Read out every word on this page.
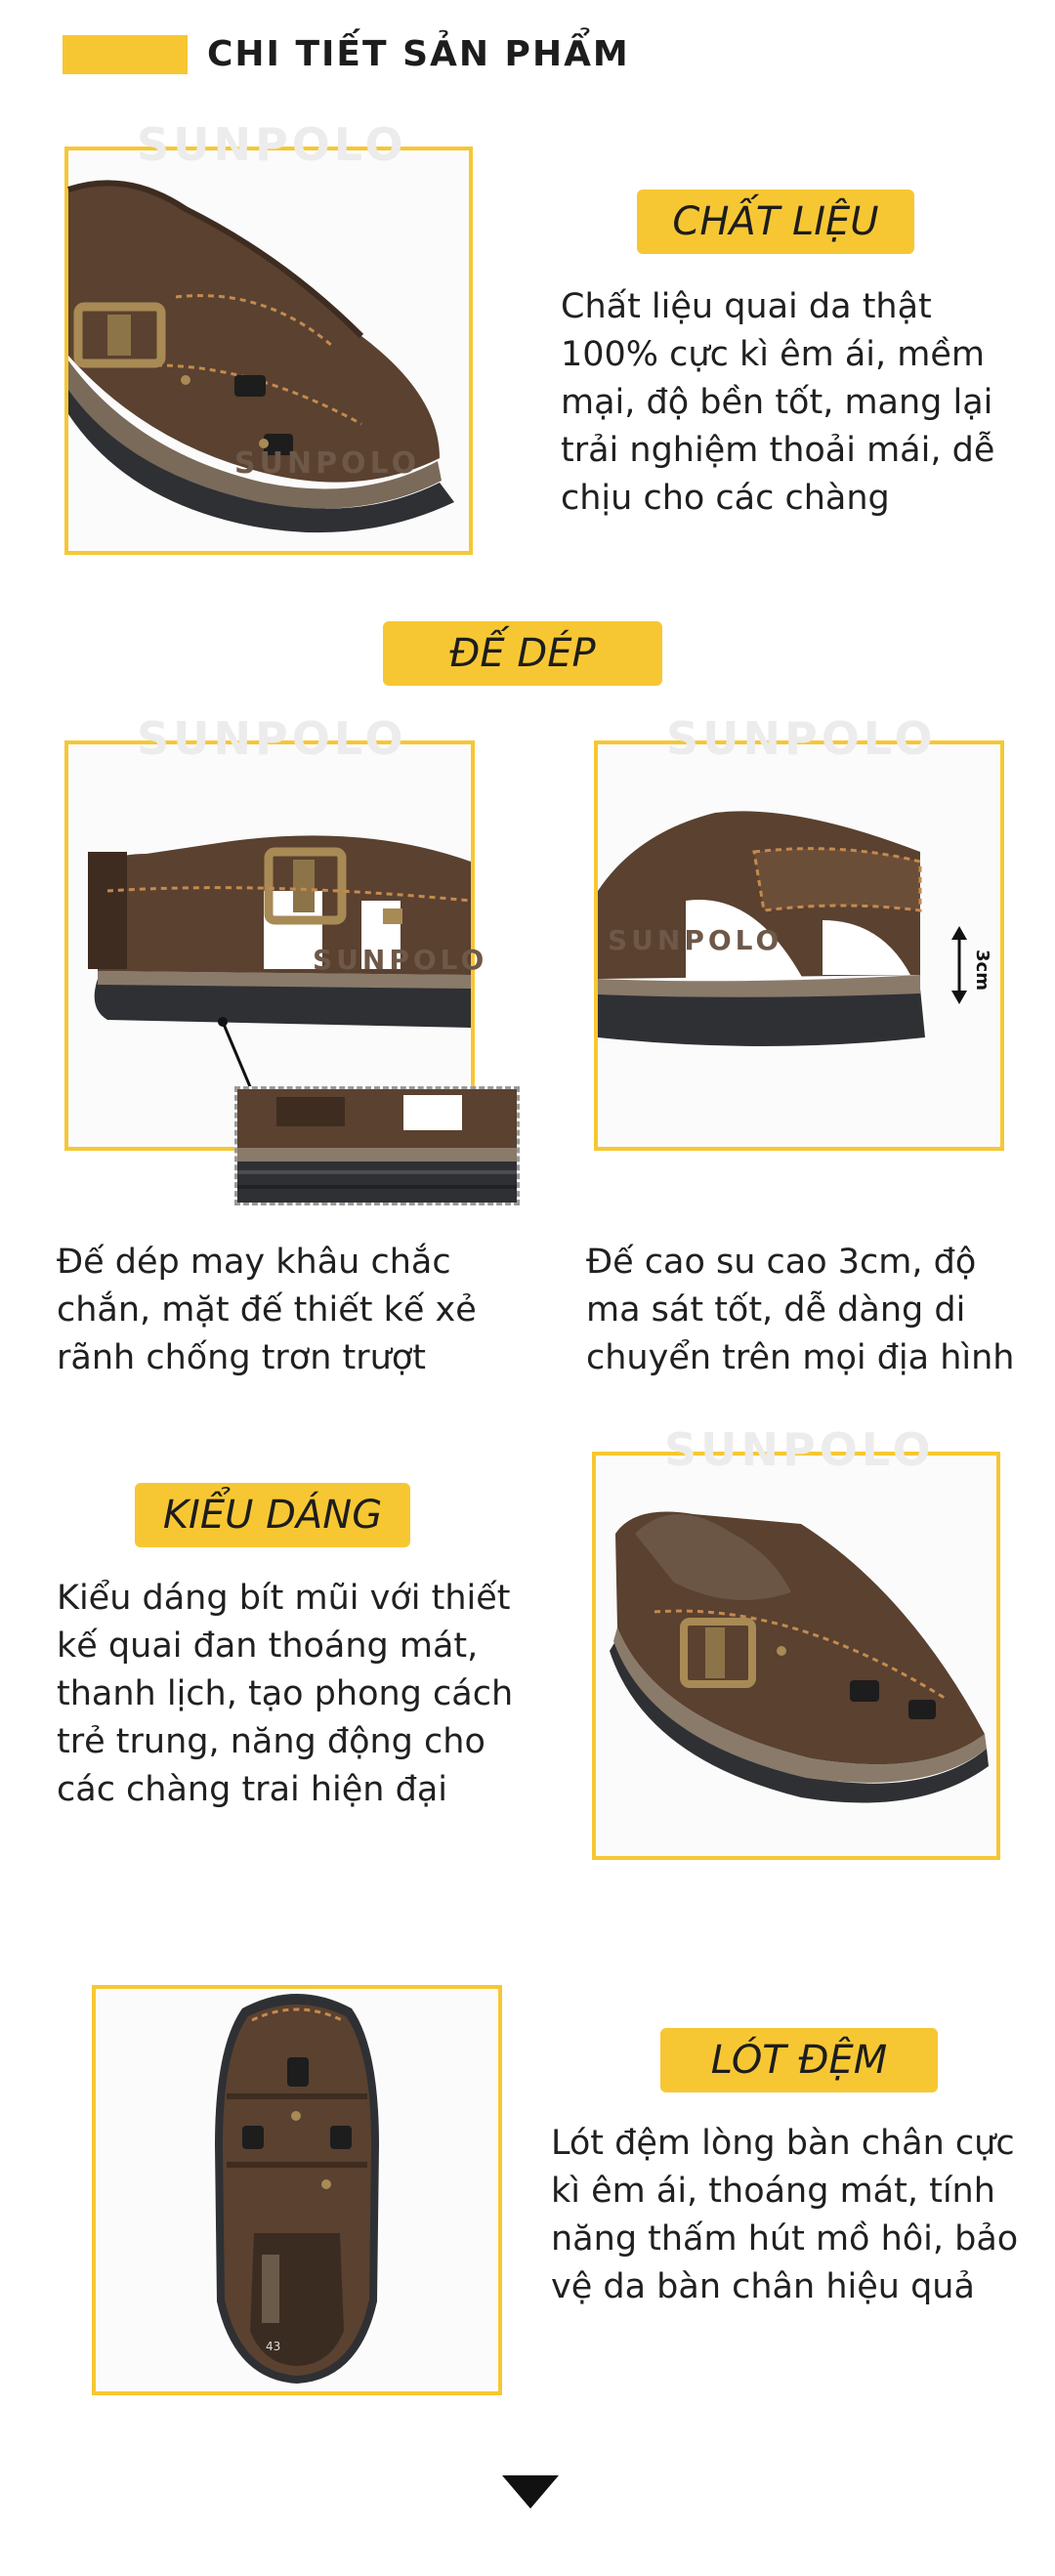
CHI TIẾT SẢN PHẨM
SUNPOLO
SUNPOLO
CHẤT LIỆU
Chất liệu quai da thật 100% cực kì êm ái, mềm mại, độ bền tốt, mang lại trải nghiệm thoải mái, dễ chịu cho các chàng
ĐẾ DÉP
SUNPOLO
SUNPOLO
SUNPOLO
SUNPOLO
3cm
Đế dép may khâu chắc chắn, mặt đế thiết kế xẻ rãnh chống trơn trượt
Đế cao su cao 3cm, độ ma sát tốt, dễ dàng di chuyển trên mọi địa hình
KIỂU DÁNG
Kiểu dáng bít mũi với thiết kế quai đan thoáng mát, thanh lịch, tạo phong cách trẻ trung, năng động cho các chàng trai hiện đại
SUNPOLO
43
LÓT ĐỆM
Lót đệm lòng bàn chân cực kì êm ái, thoáng mát, tính năng thấm hút mồ hôi, bảo vệ da bàn chân hiệu quả
